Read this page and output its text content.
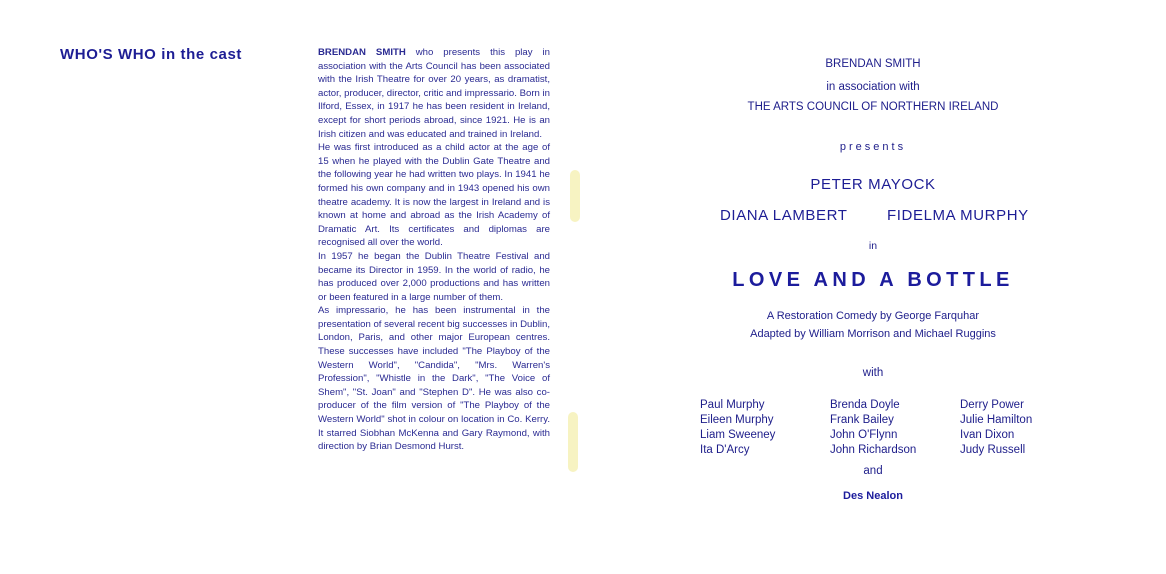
WHO'S WHO in the cast	BRENDAN SMITH who presents this play in association with the Arts Council has been associated with the Irish Theatre for over 20 years, as dramatist, actor, producer, director, critic and impressario. Born in Ilford, Essex, in 1917 he has been resident in Ireland, except for short periods abroad, since 1921. He is an Irish citizen and was educated and trained in Ireland.

He was first introduced as a child actor at the age of 15 when he played with the Dublin Gate Theatre and the following year he had written two plays. In 1941 he formed his own company and in 1943 opened his own theatre academy. It is now the largest in Ireland and is known at home and abroad as the Irish Academy of Dramatic Art. Its certificates and diplomas are recognised all over the world.

In 1957 he began the Dublin Theatre Festival and became its Director in 1959. In the world of radio, he has produced over 2,000 productions and has written or been featured in a large number of them.

As impressario, he has been instrumental in the presentation of several recent big successes in Dublin, London, Paris, and other major European centres. These successes have included "The Playboy of the Western World", "Candida", "Mrs. Warren's Profession", "Whistle in the Dark", "The Voice of Shem", "St. Joan" and "Stephen D". He was also co-producer of the film version of "The Playboy of the Western World" shot in colour on location in Co. Kerry. It starred Siobhan McKenna and Gary Raymond, with direction by Brian Desmond Hurst.

BRENDAN SMITH

in association with

THE ARTS COUNCIL OF NORTHERN IRELAND

presents

PETER MAYOCK

DIANA LAMBERT	FIDELMA MURPHY

in

LOVE AND A BOTTLE

A Restoration Comedy by George Farquhar

Adapted by William Morrison and Michael Ruggins

with

Paul Murphy
Eileen Murphy
Liam Sweeney
Ita D'Arcy
Brenda Doyle
Frank Bailey
John O'Flynn
John Richardson
Derry Power
Julie Hamilton
Ivan Dixon
Judy Russell

and

Des Nealon
